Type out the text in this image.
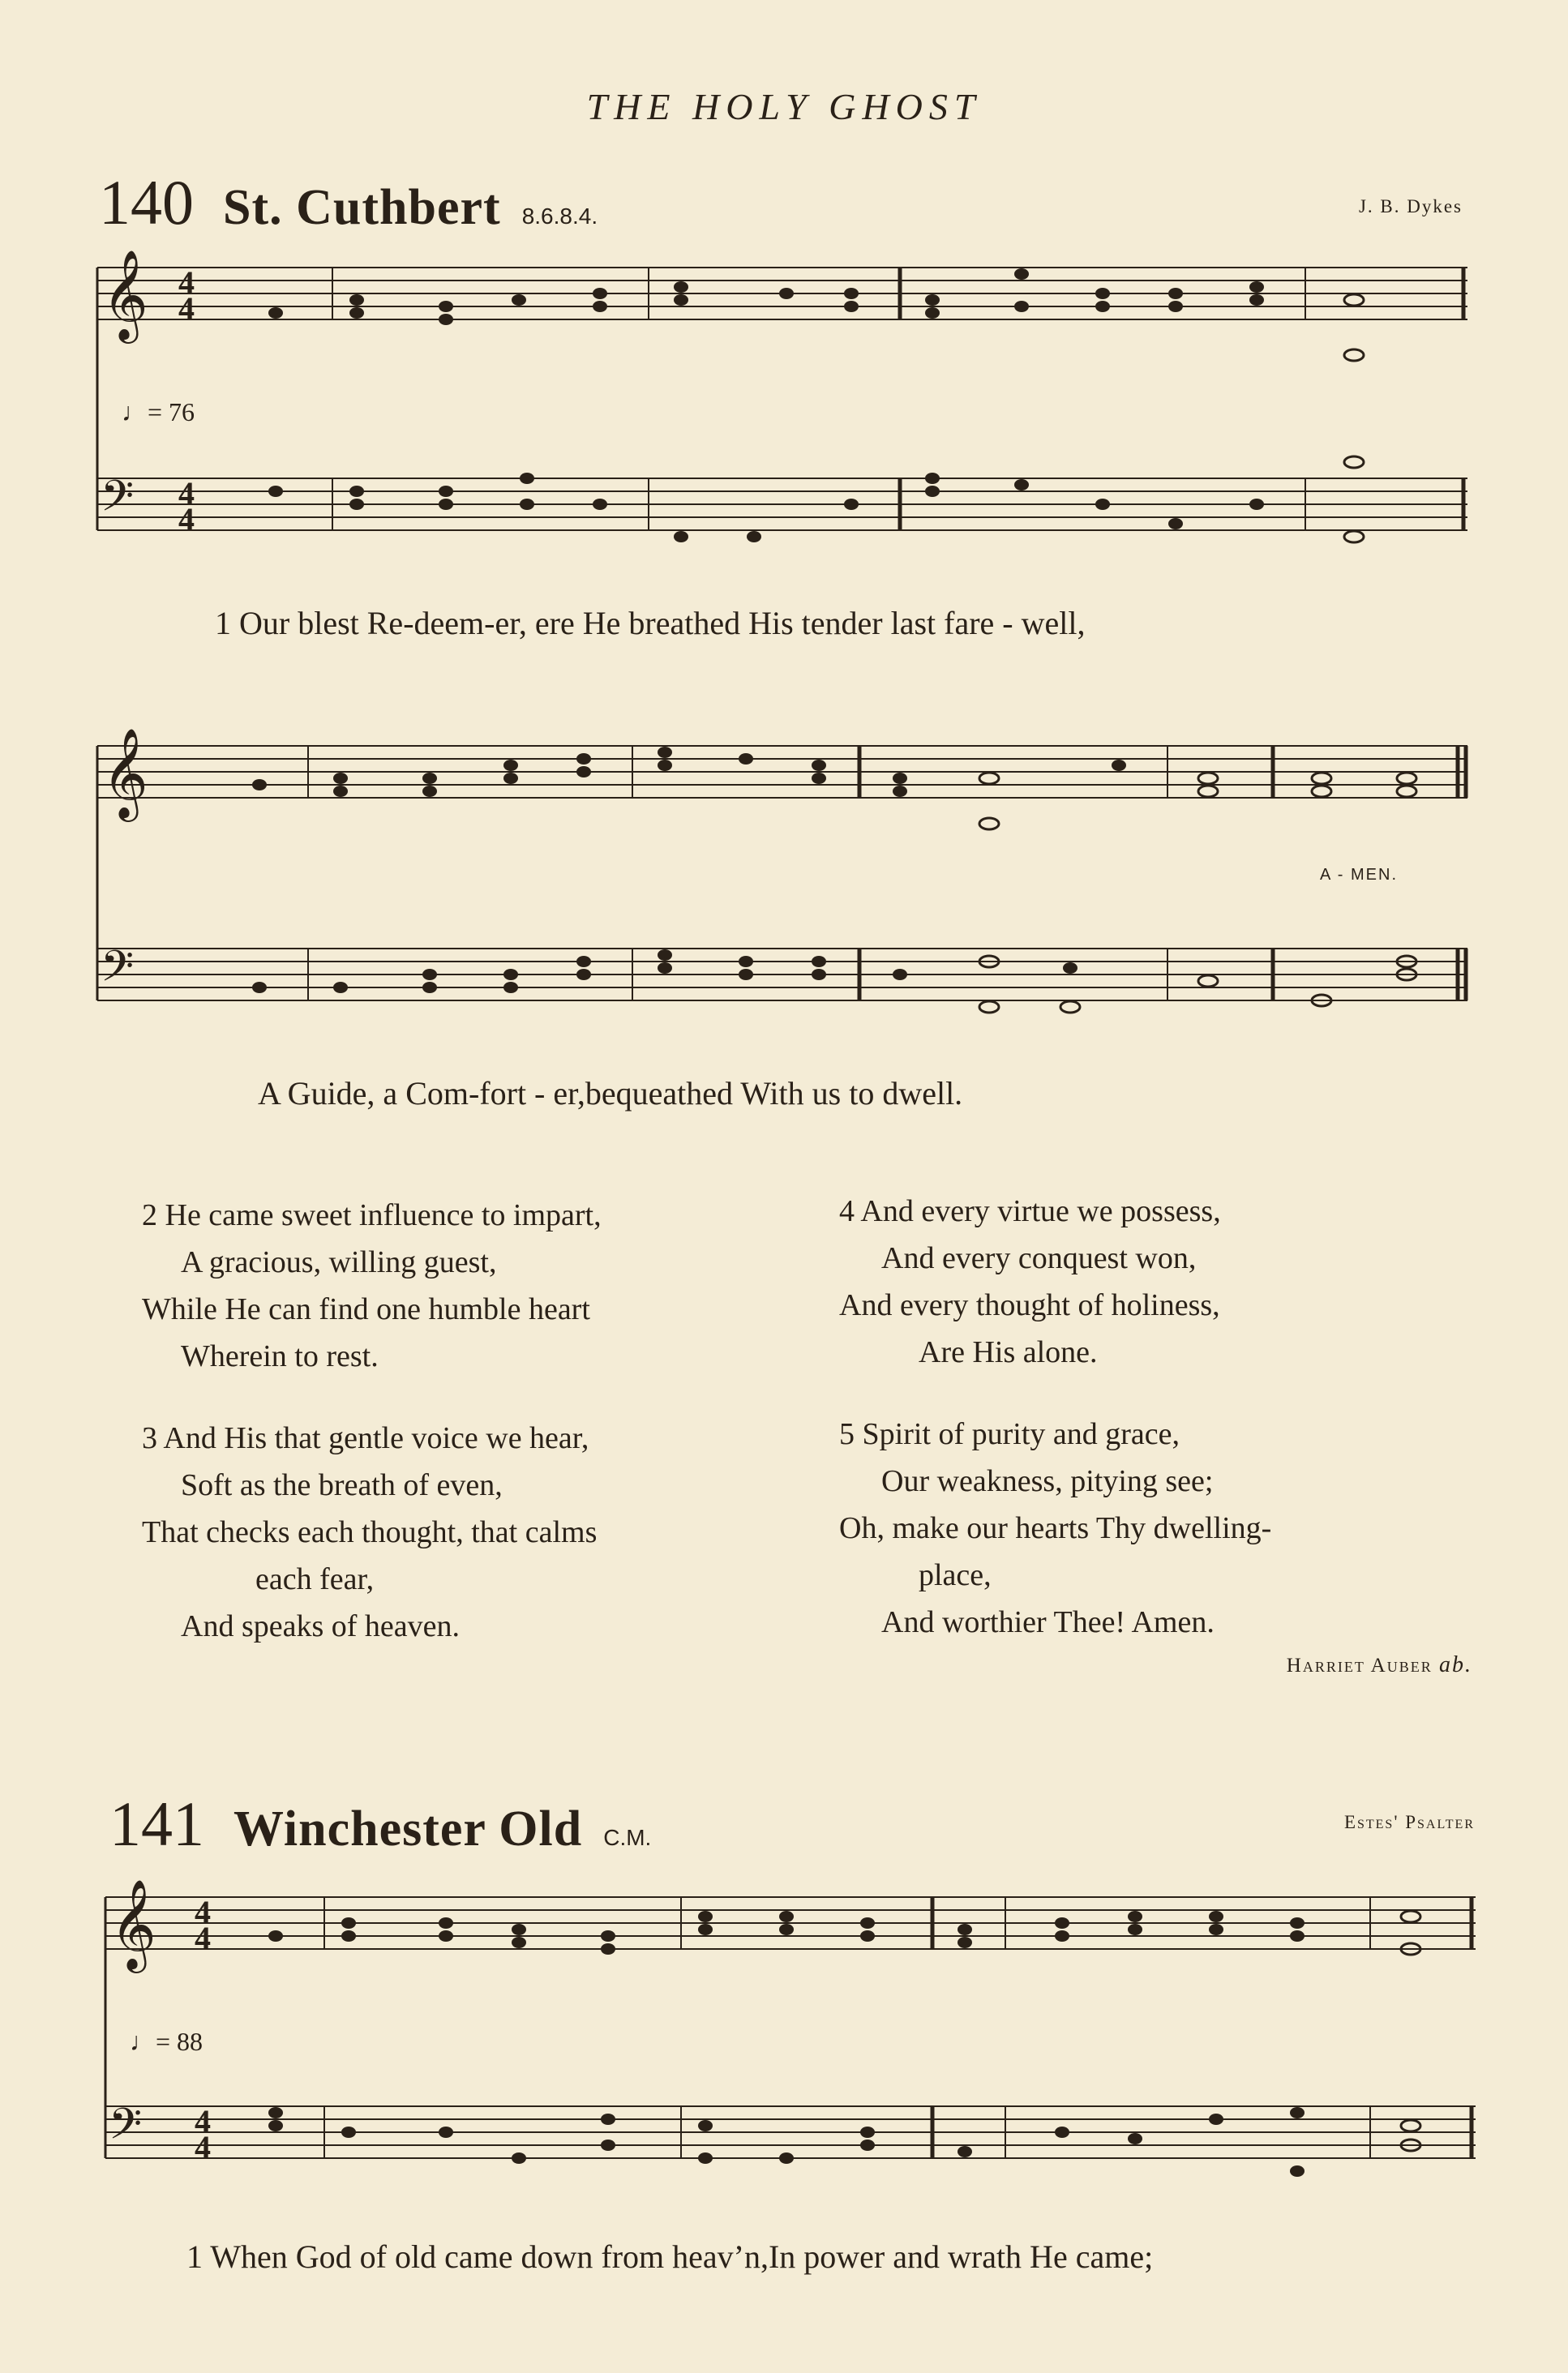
THE HOLY GHOST
140 St. Cuthbert 8.6.8.4.	J. B. Dykes
𝄞
𝄢
4
4
4
4
♩= 76
1 Our blest Re-deem-er, ere He breathed His tender last fare - well,
𝄞
𝄢
A - MEN.
A Guide, a Com-fort - er,bequeathed With us to dwell.
2 He came sweet influence to impart,
A gracious, willing guest,
While He can find one humble heart
Wherein to rest.
3 And His that gentle voice we hear,
Soft as the breath of even,
That checks each thought, that calms
each fear,
And speaks of heaven.
4 And every virtue we possess,
And every conquest won,
And every thought of holiness,
Are His alone.
5 Spirit of purity and grace,
Our weakness, pitying see;
Oh, make our hearts Thy dwelling-
place,
And worthier Thee! Amen.
Harriet Auber ab.
141 Winchester Old C.M.
Estes' Psalter
𝄞
𝄢
4
4
4
4
♩= 88
1 When God of old came down from heav’n,In power and wrath He came;
